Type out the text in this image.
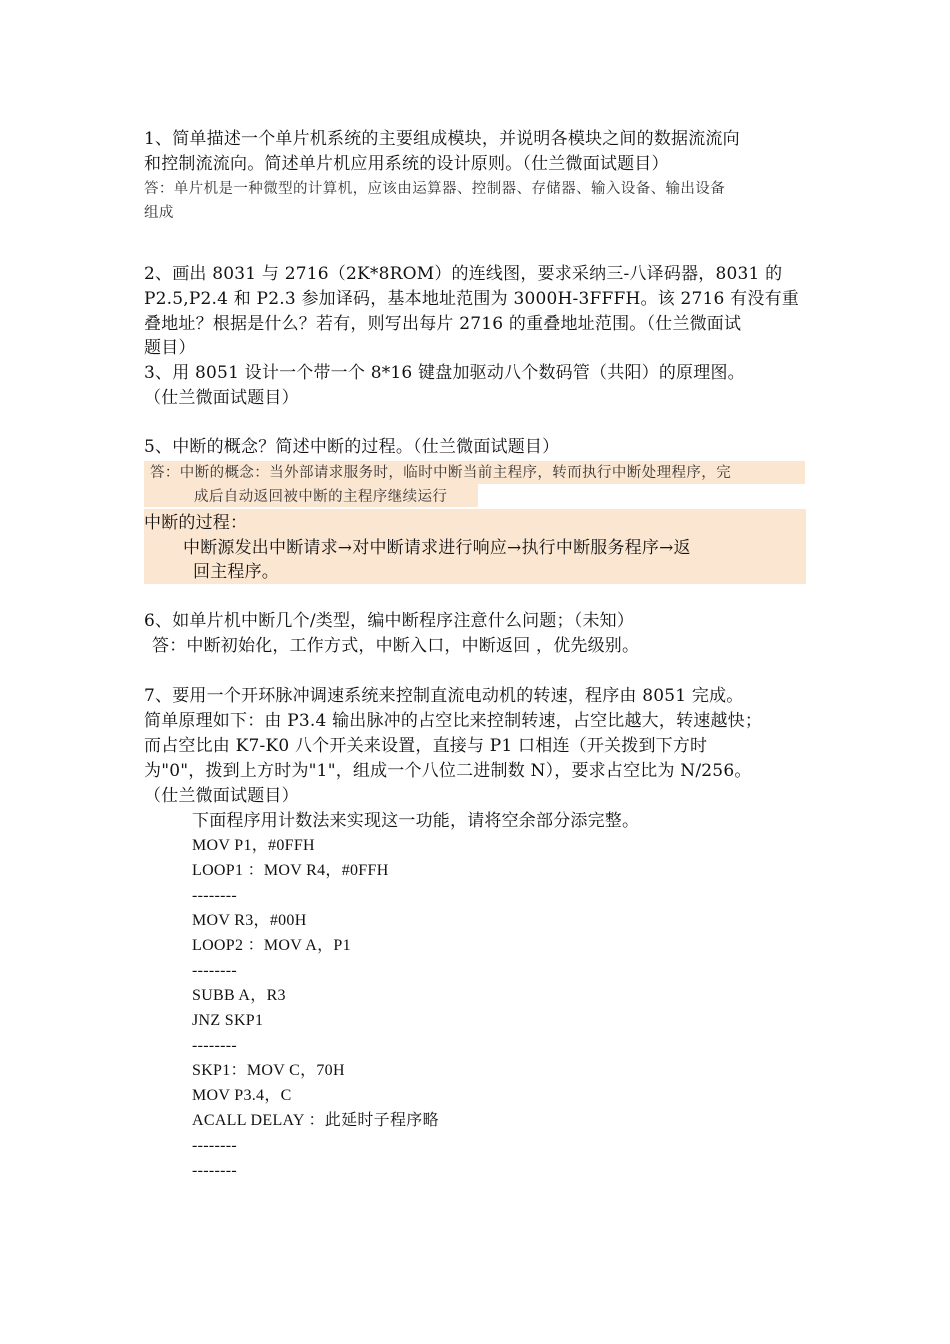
1、简单描述一个单片机系统的主要组成模块，并说明各模块之间的数据流流向
和控制流流向。简述单片机应用系统的设计原则。（仕兰微面试题目）
答：单片机是一种微型的计算机，应该由运算器、控制器、存储器、输入设备、输出设备
组成
2、画出 8031 与 2716（2K*8ROM）的连线图，要求采纳三-八译码器，8031 的
P2.5,P2.4 和 P2.3 参加译码，基本地址范围为 3000H-3FFFH。该 2716 有没有重
叠地址？根据是什么？若有，则写出每片 2716 的重叠地址范围。（仕兰微面试
题目）
3、用 8051 设计一个带一个 8*16 键盘加驱动八个数码管（共阳）的原理图。
（仕兰微面试题目）
5、中断的概念？简述中断的过程。（仕兰微面试题目）
答：中断的概念：当外部请求服务时，临时中断当前主程序，转而执行中断处理程序，完
成后自动返回被中断的主程序继续运行
中断的过程：
中断源发出中断请求→对中断请求进行响应→执行中断服务程序→返
回主程序。
6、如单片机中断几个/类型，编中断程序注意什么问题；（未知）
答：中断初始化，工作方式，中断入口，中断返回 ，优先级别。
7、要用一个开环脉冲调速系统来控制直流电动机的转速，程序由 8051 完成。
简单原理如下：由 P3.4 输出脉冲的占空比来控制转速，占空比越大，转速越快；
而占空比由 K7-K0 八个开关来设置，直接与 P1 口相连（开关拨到下方时
为"0"，拨到上方时为"1"，组成一个八位二进制数 N），要求占空比为 N/256。
（仕兰微面试题目）
下面程序用计数法来实现这一功能，请将空余部分添完整。
MOV P1，#0FFH
LOOP1 ：MOV R4，#0FFH
--------
MOV R3，#00H
LOOP2 ：MOV A，P1
--------
SUBB A，R3
JNZ SKP1
--------
SKP1：MOV C，70H
MOV P3.4，C
ACALL DELAY ：此延时子程序略
--------
--------
